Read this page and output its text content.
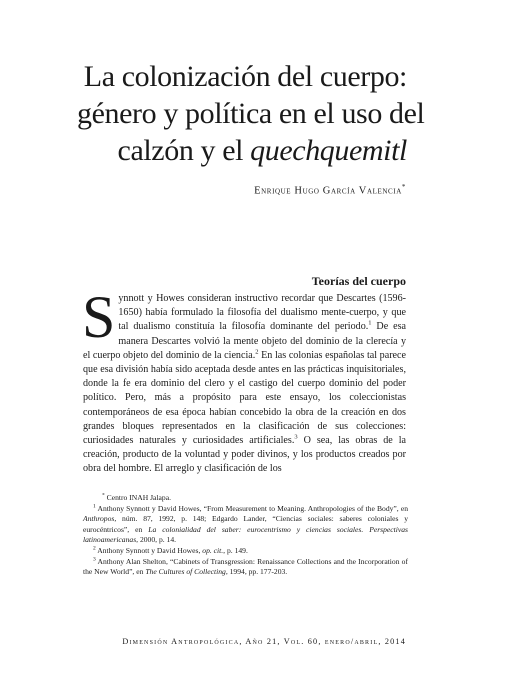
La colonización del cuerpo:
género y política en el uso del
calzón y el quechquemitl
Enrique Hugo García Valencia*
Teorías del cuerpo
S ynnott y Howes consideran instructivo recordar que Descartes (1596-1650) había formulado la filosofía del dualismo mente-cuerpo, y que tal dualismo constituía la filosofía dominante del periodo.$^1$ De esa manera Descartes volvió la mente objeto del dominio de la clerecía y el cuerpo objeto del dominio de la ciencia.$^2$ En las colonias españolas tal parece que esa división había sido aceptada desde antes en las prácticas inquisitoriales, donde la fe era dominio del clero y el castigo del cuerpo dominio del poder político. Pero, más a propósito para este ensayo, los coleccionistas contemporáneos de esa época habían concebido la obra de la creación en dos grandes bloques representados en la clasificación de sus colecciones: curiosidades naturales y curiosidades artificiales.$^3$ O sea, las obras de la creación, producto de la voluntad y poder divinos, y los productos creados por obra del hombre. El arreglo y clasificación de los

* Centro INAH Jalapa.

$^1$ Anthony Synnott y David Howes, “From Measurement to Meaning. Anthropologies of the Body”, en Anthropos, núm. 87, 1992, p. 148; Edgardo Lander, “Ciencias sociales: saberes coloniales y eurocéntricos”, en La colonialidad del saber: eurocentrismo y ciencias sociales. Perspectivas latinoamericanas, 2000, p. 14.

$^2$ Anthony Synnott y David Howes, op. cit., p. 149.

$^3$ Anthony Alan Shelton, “Cabinets of Transgression: Renaissance Collections and the Incorporation of the New World”, en The Cultures of Collecting, 1994, pp. 177-203.

Dimensión Antropológica, Año 21, Vol. 60, enero/abril, 2014
